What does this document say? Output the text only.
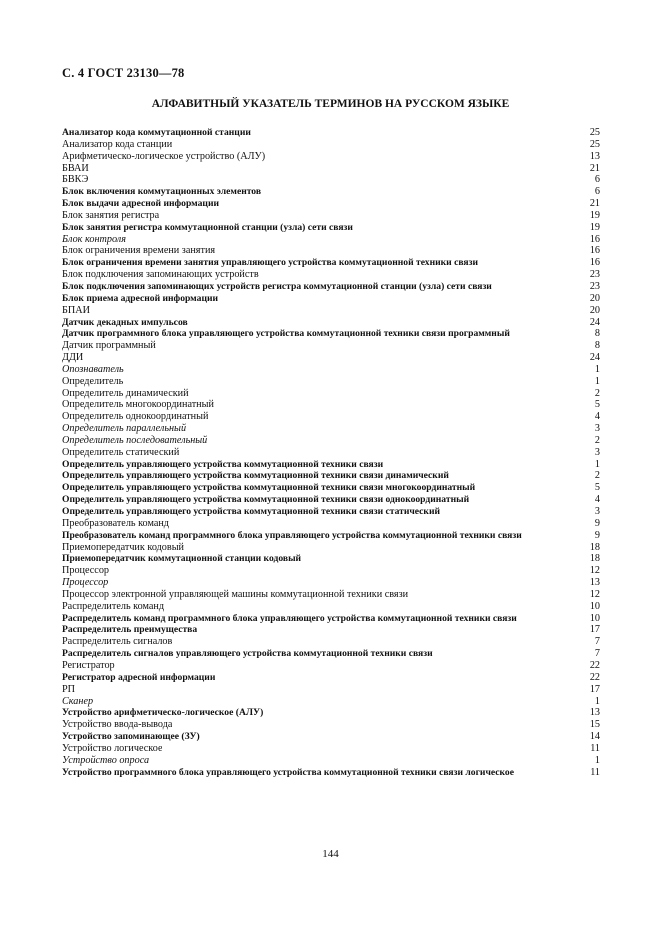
С. 4 ГОСТ 23130—78
АЛФАВИТНЫЙ УКАЗАТЕЛЬ ТЕРМИНОВ НА РУССКОМ ЯЗЫКЕ
Анализатор кода коммутационной станции	25
Анализатор кода станции	25
Арифметическо-логическое устройство (АЛУ)	13
БВАИ	21
БВКЭ	6
Блок включения коммутационных элементов	6
Блок выдачи адресной информации	21
Блок занятия регистра	19
Блок занятия регистра коммутационной станции (узла) сети связи	19
Блок контроля	16
Блок ограничения времени занятия	16
Блок ограничения времени занятия управляющего устройства коммутационной техники связи	16
Блок подключения запоминающих устройств	23
Блок подключения запоминающих устройств регистра коммутационной станции (узла) сети связи	23
Блок приема адресной информации	20
БПАИ	20
Датчик декадных импульсов	24
Датчик программного блока управляющего устройства коммутационной техники связи программный	8
Датчик программный	8
ДДИ	24
Опознаватель	1
Определитель	1
Определитель динамический	2
Определитель многокоординатный	5
Определитель однокоординатный	4
Определитель параллельный	3
Определитель последовательный	2
Определитель статический	3
Определитель управляющего устройства коммутационной техники связи	1
Определитель управляющего устройства коммутационной техники связи динамический	2
Определитель управляющего устройства коммутационной техники связи многокоординатный	5
Определитель управляющего устройства коммутационной техники связи однокоординатный	4
Определитель управляющего устройства коммутационной техники связи статический	3
Преобразователь команд	9
Преобразователь команд программного блока управляющего устройства коммутационной техники связи	9
Приемопередатчик кодовый	18
Приемопередатчик коммутационной станции кодовый	18
Процессор	12
Процессор	13
Процессор электронной управляющей машины коммутационной техники связи	12
Распределитель команд	10
Распределитель команд программного блока управляющего устройства коммутационной техники связи	10
Распределитель преимущества	17
Распределитель сигналов	7
Распределитель сигналов управляющего устройства коммутационной техники связи	7
Регистратор	22
Регистратор адресной информации	22
РП	17
Сканер	1
Устройство арифметическо-логическое (АЛУ)	13
Устройство ввода-вывода	15
Устройство запоминающее (ЗУ)	14
Устройство логическое	11
Устройство опроса	1
Устройство программного блока управляющего устройства коммутационной техники связи логическое	11
144
